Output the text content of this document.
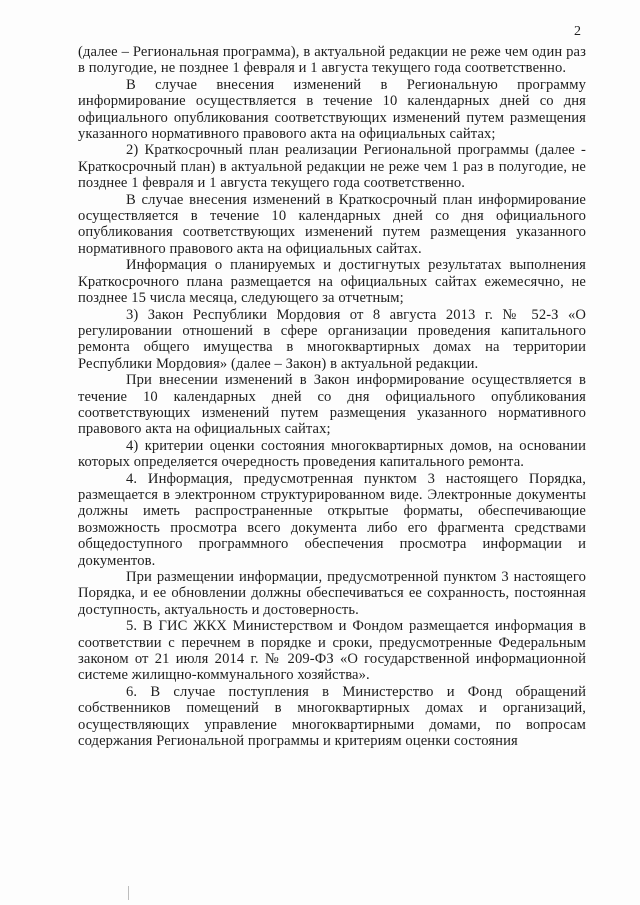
2

(далее – Региональная программа), в актуальной редакции не реже чем один раз в полугодие, не позднее 1 февраля и 1 августа текущего года соответственно.

В случае внесения изменений в Региональную программу информирование осуществляется в течение 10 календарных дней со дня официального опубликования соответствующих изменений путем размещения указанного нормативного правового акта на официальных сайтах;

2) Краткосрочный план реализации Региональной программы (далее - Краткосрочный план) в актуальной редакции не реже чем 1 раз в полугодие, не позднее 1 февраля и 1 августа текущего года соответственно.

В случае внесения изменений в Краткосрочный план информирование осуществляется в течение 10 календарных дней со дня официального опубликования соответствующих изменений путем размещения указанного нормативного правового акта на официальных сайтах.

Информация о планируемых и достигнутых результатах выполнения Краткосрочного плана размещается на официальных сайтах ежемесячно, не позднее 15 числа месяца, следующего за отчетным;

3) Закон Республики Мордовия от 8 августа 2013 г. № 52-З «О регулировании отношений в сфере организации проведения капитального ремонта общего имущества в многоквартирных домах на территории Республики Мордовия» (далее – Закон) в актуальной редакции.

При внесении изменений в Закон информирование осуществляется в течение 10 календарных дней со дня официального опубликования соответствующих изменений путем размещения указанного нормативного правового акта на официальных сайтах;

4) критерии оценки состояния многоквартирных домов, на основании которых определяется очередность проведения капитального ремонта.

4. Информация, предусмотренная пунктом 3 настоящего Порядка, размещается в электронном структурированном виде. Электронные документы должны иметь распространенные открытые форматы, обеспечивающие возможность просмотра всего документа либо его фрагмента средствами общедоступного программного обеспечения просмотра информации и документов.

При размещении информации, предусмотренной пунктом 3 настоящего Порядка, и ее обновлении должны обеспечиваться ее сохранность, постоянная доступность, актуальность и достоверность.

5. В ГИС ЖКХ Министерством и Фондом размещается информация в соответствии с перечнем в порядке и сроки, предусмотренные Федеральным законом от 21 июля 2014 г. № 209-ФЗ «О государственной информационной системе жилищно-коммунального хозяйства».

6. В случае поступления в Министерство и Фонд обращений собственников помещений в многоквартирных домах и организаций, осуществляющих управление многоквартирными домами, по вопросам содержания Региональной программы и критериям оценки состояния
